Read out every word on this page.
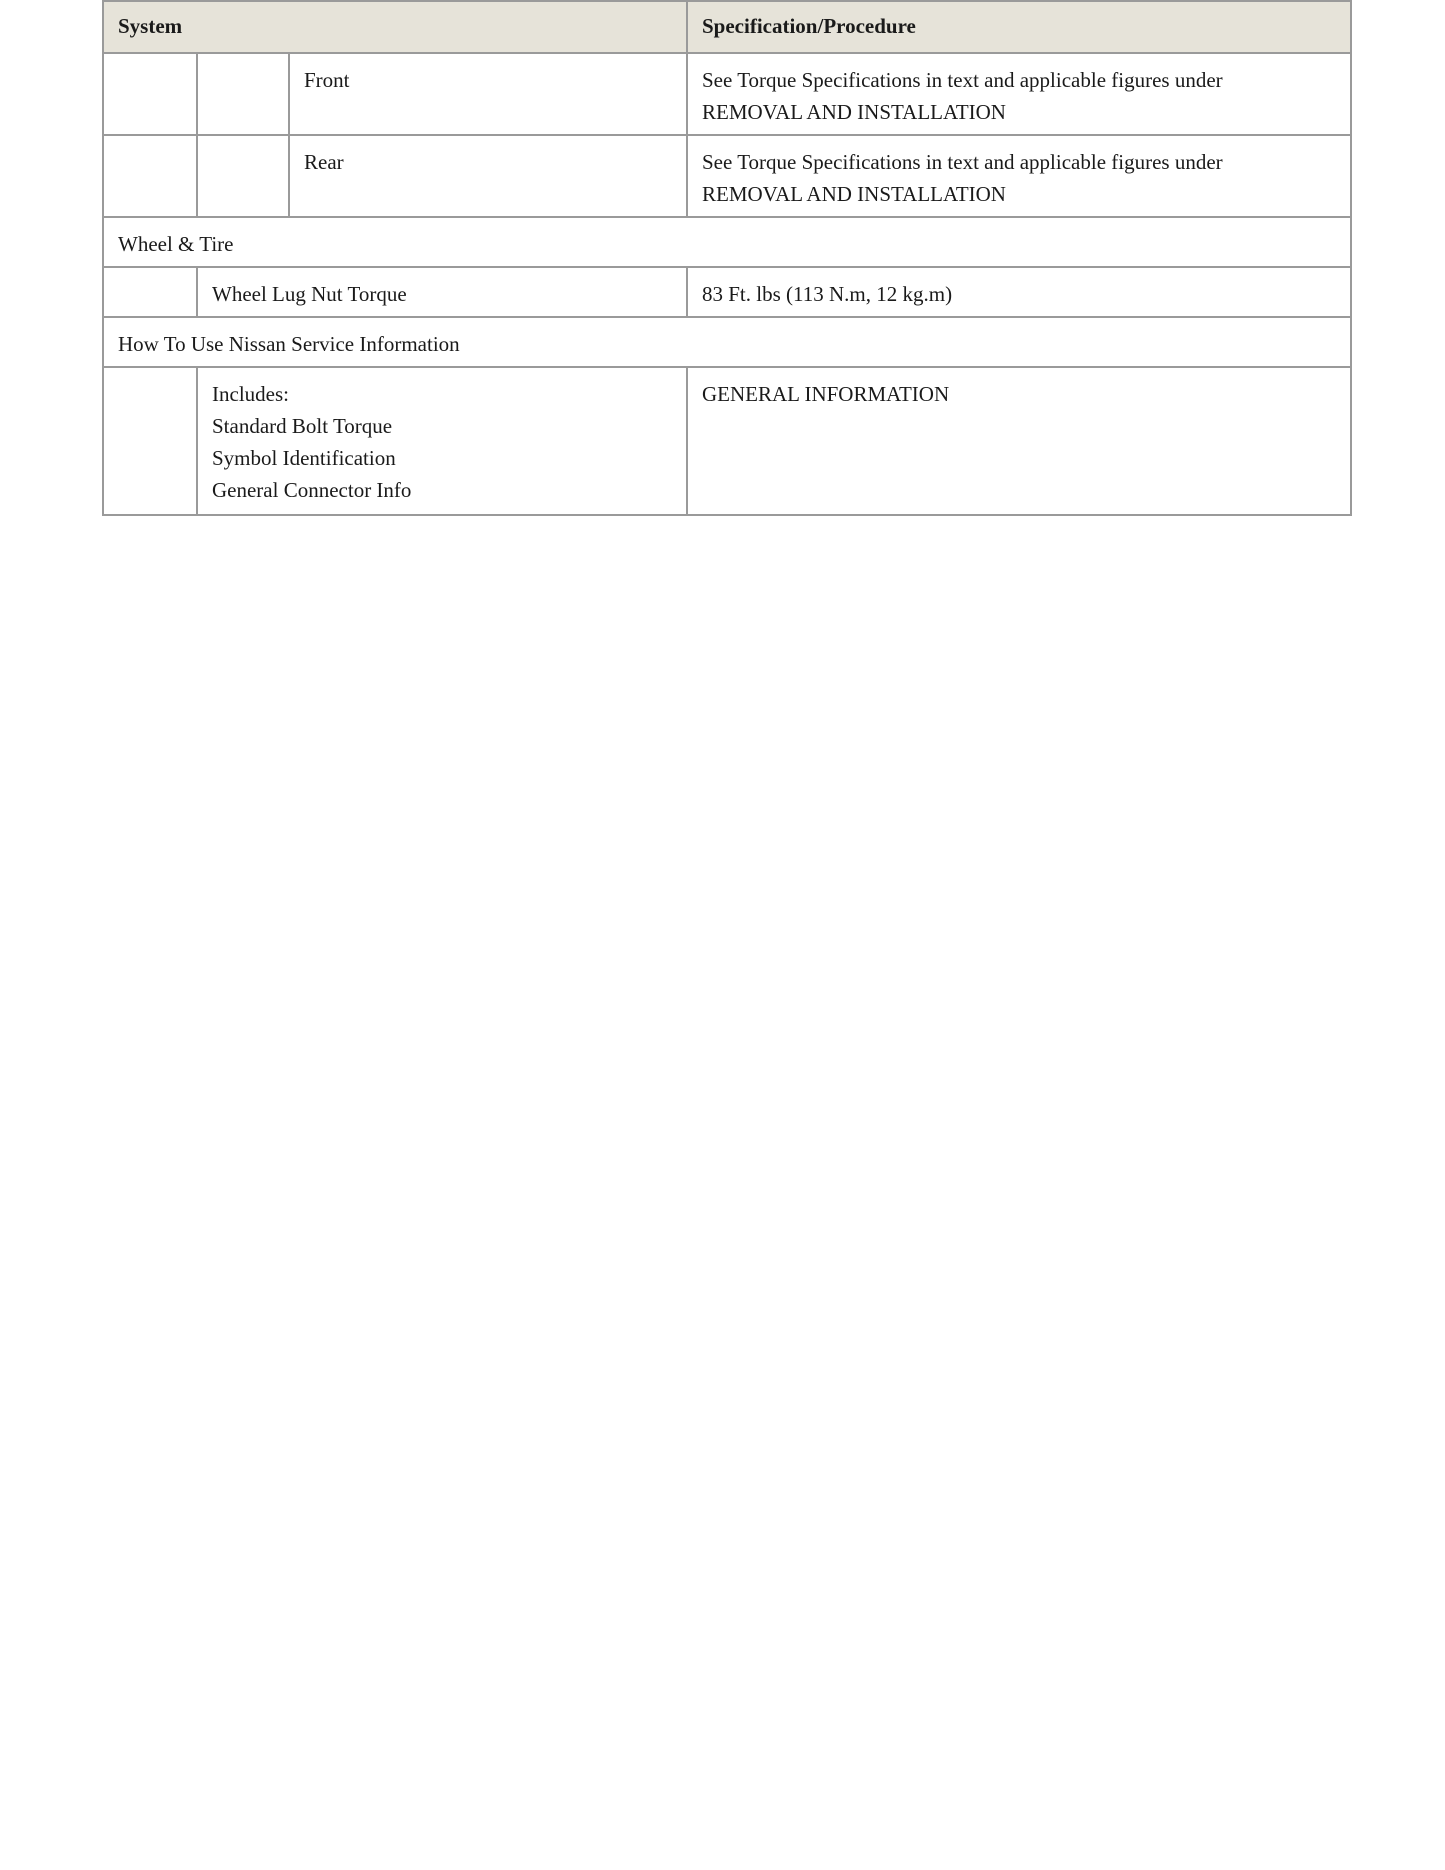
System			Specification/Procedure
		Front	See Torque Specifications in text and applicable figures under
REMOVAL AND INSTALLATION

		Rear	See Torque Specifications in text and applicable figures under
REMOVAL AND INSTALLATION

Wheel & Tire			
	Wheel Lug Nut Torque		83 Ft. lbs (113 N.m, 12 kg.m)
How To Use Nissan Service Information			

	Includes:
Standard Bolt Torque
Symbol Identification
General Connector Info		GENERAL INFORMATION
